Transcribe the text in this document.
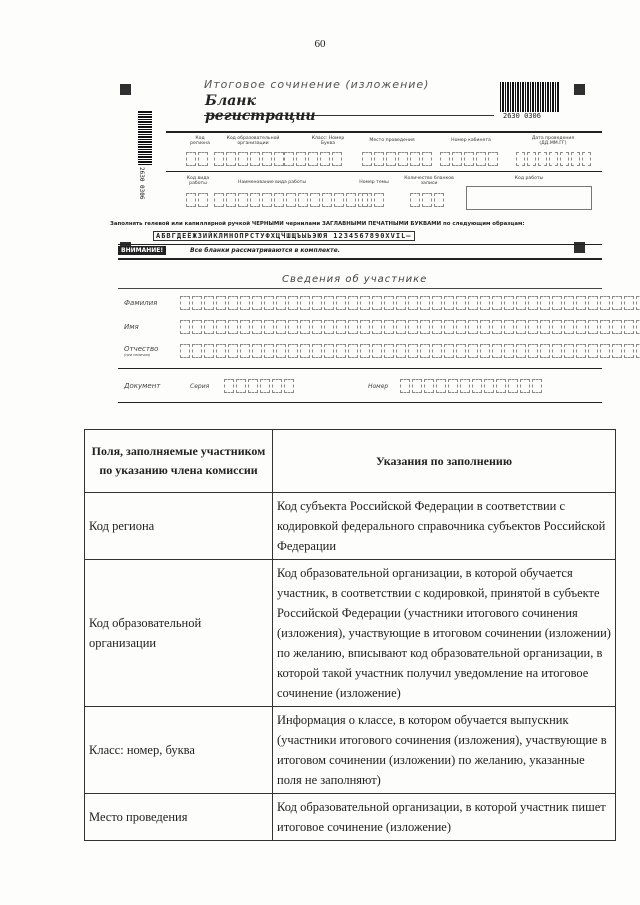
60
Итоговое сочинение (изложение)
Бланк регистрации
2630 0306
2630 0306
Код региона
Код образовательной организации
Класс: Номер Буква
Место проведения	Номер кабинета	Дата проведения (ДД.ММ.ГГ)
Код вида работы	Наименование вида работы	Номер темы
Количество бланков записи
Код работы
Заполнять гелевой или капиллярной ручкой ЧЕРНЫМИ чернилами ЗАГЛАВНЫМИ ПЕЧАТНЫМИ БУКВАМИ по следующим образцам:
АБВГДЕЁЖЗИЙКЛМНОПРСТУФХЦЧШЩЪЫЬЭЮЯ 1234567890XVIL–
ВНИМАНИЕ!	Все бланки рассматриваются в комплекте.
Сведения об участнике
Фамилия
Имя
Отчество
(при наличии)
Документ	Серия	Номер
Поля, заполняемые участником по указанию члена комиссии	Указания по заполнению
Код региона	Код субъекта Российской Федерации в соответствии с кодировкой федерального справочника субъектов Российской Федерации
Код образовательной организации	Код образовательной организации, в которой обучается участник, в соответствии с кодировкой, принятой в субъекте Российской Федерации (участники итогового сочинения (изложения), участвующие в итоговом сочинении (изложении) по желанию, вписывают код образовательной организации, в которой такой участник получил уведомление на итоговое сочинение (изложение)
Класс: номер, буква	Информация о классе, в котором обучается выпускник (участники итогового сочинения (изложения), участвующие в итоговом сочинении (изложении) по желанию, указанные поля не заполняют)
Место проведения	Код образовательной организации, в которой участник пишет итоговое сочинение (изложение)
